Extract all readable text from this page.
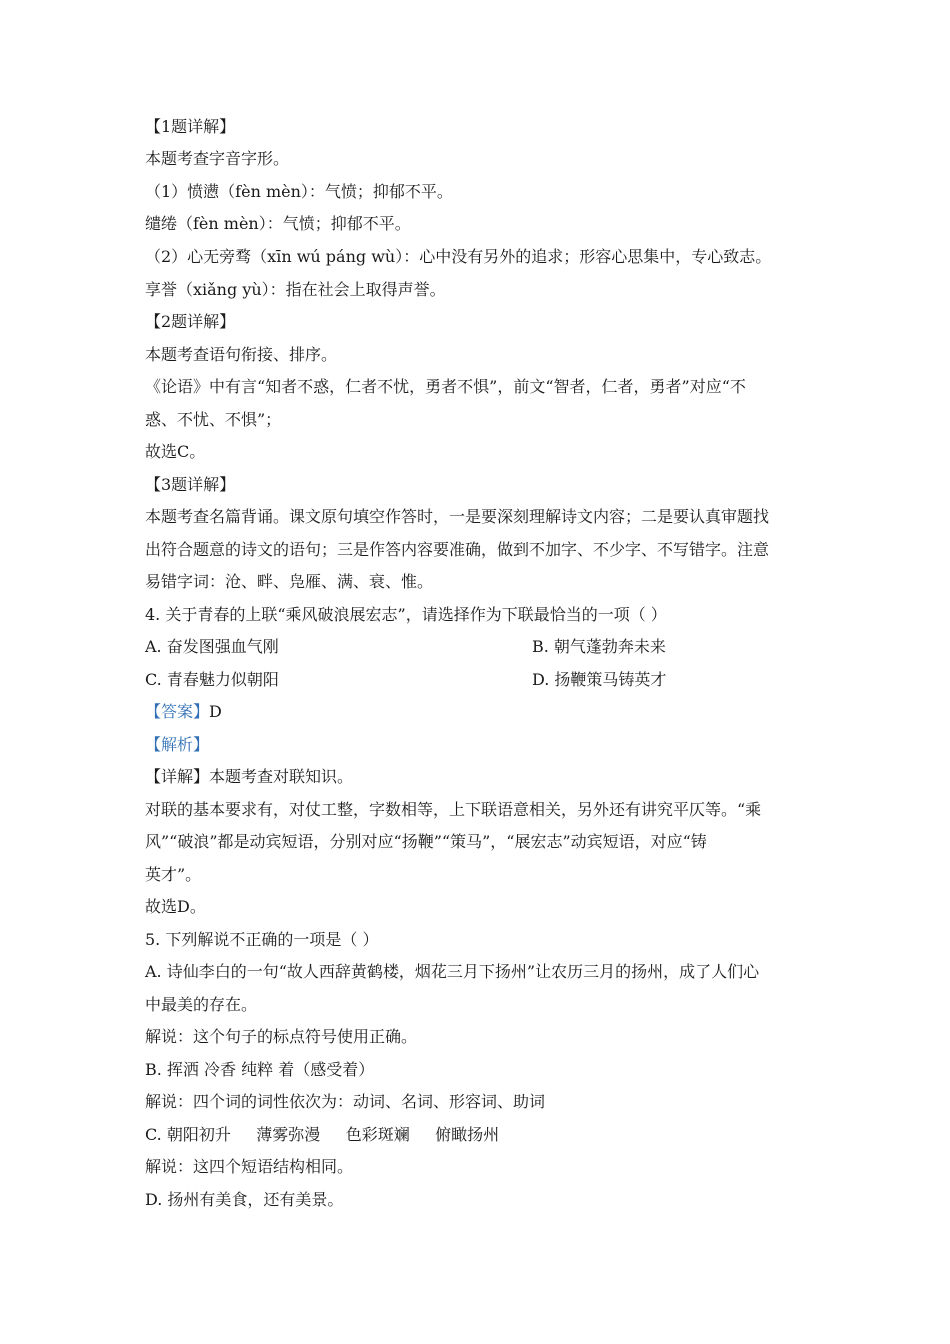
【1题详解】
本题考查字音字形。
（1）愤懑（fèn mèn）：气愤；抑郁不平。
缱绻（fèn mèn）：气愤；抑郁不平。
（2）心无旁骛（xīn wú páng wù）：心中没有另外的追求；形容心思集中，专心致志。
享誉（xiǎng yù）：指在社会上取得声誉。
【2题详解】
本题考查语句衔接、排序。
《论语》中有言“知者不惑，仁者不忧，勇者不惧”，前文“智者，仁者，勇者”对应“不
惑、不忧、不惧”；
故选C。
【3题详解】
本题考查名篇背诵。课文原句填空作答时，一是要深刻理解诗文内容；二是要认真审题找
出符合题意的诗文的语句；三是作答内容要准确，做到不加字、不少字、不写错字。注意
易错字词：沧、畔、凫雁、满、衰、惟。
4. 关于青春的上联“乘风破浪展宏志”，请选择作为下联最恰当的一项（ ）
A. 奋发图强血气刚	B. 朝气蓬勃奔未来
C. 青春魅力似朝阳	D. 扬鞭策马铸英才
【答案】D
【解析】
【详解】本题考查对联知识。
对联的基本要求有，对仗工整，字数相等，上下联语意相关，另外还有讲究平仄等。“乘
风”“破浪”都是动宾短语，分别对应“扬鞭”“策马”，“展宏志”动宾短语，对应“铸
英才”。
故选D。
5. 下列解说不正确的一项是（ ）
A. 诗仙李白的一句“故人西辞黄鹤楼，烟花三月下扬州”让农历三月的扬州，成了人们心
中最美的存在。
解说：这个句子的标点符号使用正确。
B. 挥洒 冷香 纯粹 着（感受着）
解说：四个词的词性依次为：动词、名词、形容词、助词
C. 朝阳初升     薄雾弥漫     色彩斑斓     俯瞰扬州
解说：这四个短语结构相同。
D. 扬州有美食，还有美景。
